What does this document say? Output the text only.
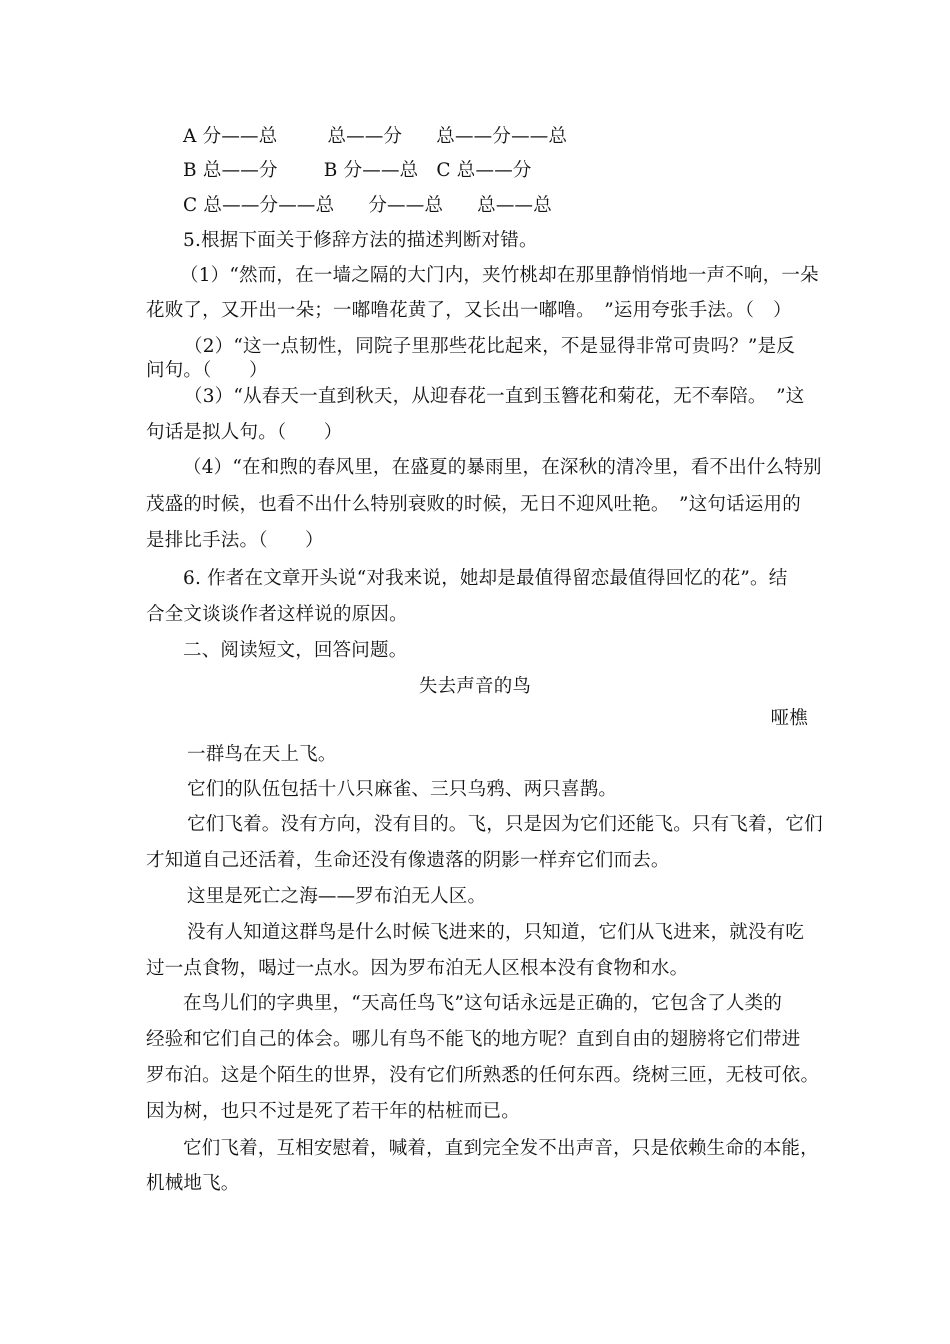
A 分——总	总——分 总——分——总
B 总——分 B 分——总 C 总——分
C 总——分——总 分——总 总——总
5.根据下面关于修辞方法的描述判断对错。
（1）“然而，在一墙之隔的大门内，夹竹桃却在那里静悄悄地一声不响，一朵
花败了，又开出一朵；一嘟噜花黄了，又长出一嘟噜。　”运用夸张手法。（　）
（2）“这一点韧性，同院子里那些花比起来，不是显得非常可贵吗？”是反
问句。（　　）
（3）“从春天一直到秋天，从迎春花一直到玉簪花和菊花，无不奉陪。　”这
句话是拟人句。（　　）
（4）“在和煦的春风里，在盛夏的暴雨里，在深秋的清冷里，看不出什么特别
茂盛的时候，也看不出什么特别衰败的时候，无日不迎风吐艳。　”这句话运用的
是排比手法。（　　）
6. 作者在文章开头说“对我来说，她却是最值得留恋最值得回忆的花”。结
合全文谈谈作者这样说的原因。
二、阅读短文，回答问题。
失去声音的鸟
哑樵
一群鸟在天上飞。
它们的队伍包括十八只麻雀、三只乌鸦、两只喜鹊。
它们飞着。没有方向，没有目的。飞，只是因为它们还能飞。只有飞着，它们
才知道自己还活着，生命还没有像遗落的阴影一样弃它们而去。
这里是死亡之海——罗布泊无人区。
没有人知道这群鸟是什么时候飞进来的，只知道，它们从飞进来，就没有吃
过一点食物，喝过一点水。因为罗布泊无人区根本没有食物和水。
在鸟儿们的字典里，“天高任鸟飞”这句话永远是正确的，它包含了人类的
经验和它们自己的体会。哪儿有鸟不能飞的地方呢？直到自由的翅膀将它们带进
罗布泊。这是个陌生的世界，没有它们所熟悉的任何东西。绕树三匝，无枝可依。
因为树，也只不过是死了若干年的枯桩而已。
它们飞着，互相安慰着，喊着，直到完全发不出声音，只是依赖生命的本能，
机械地飞。
